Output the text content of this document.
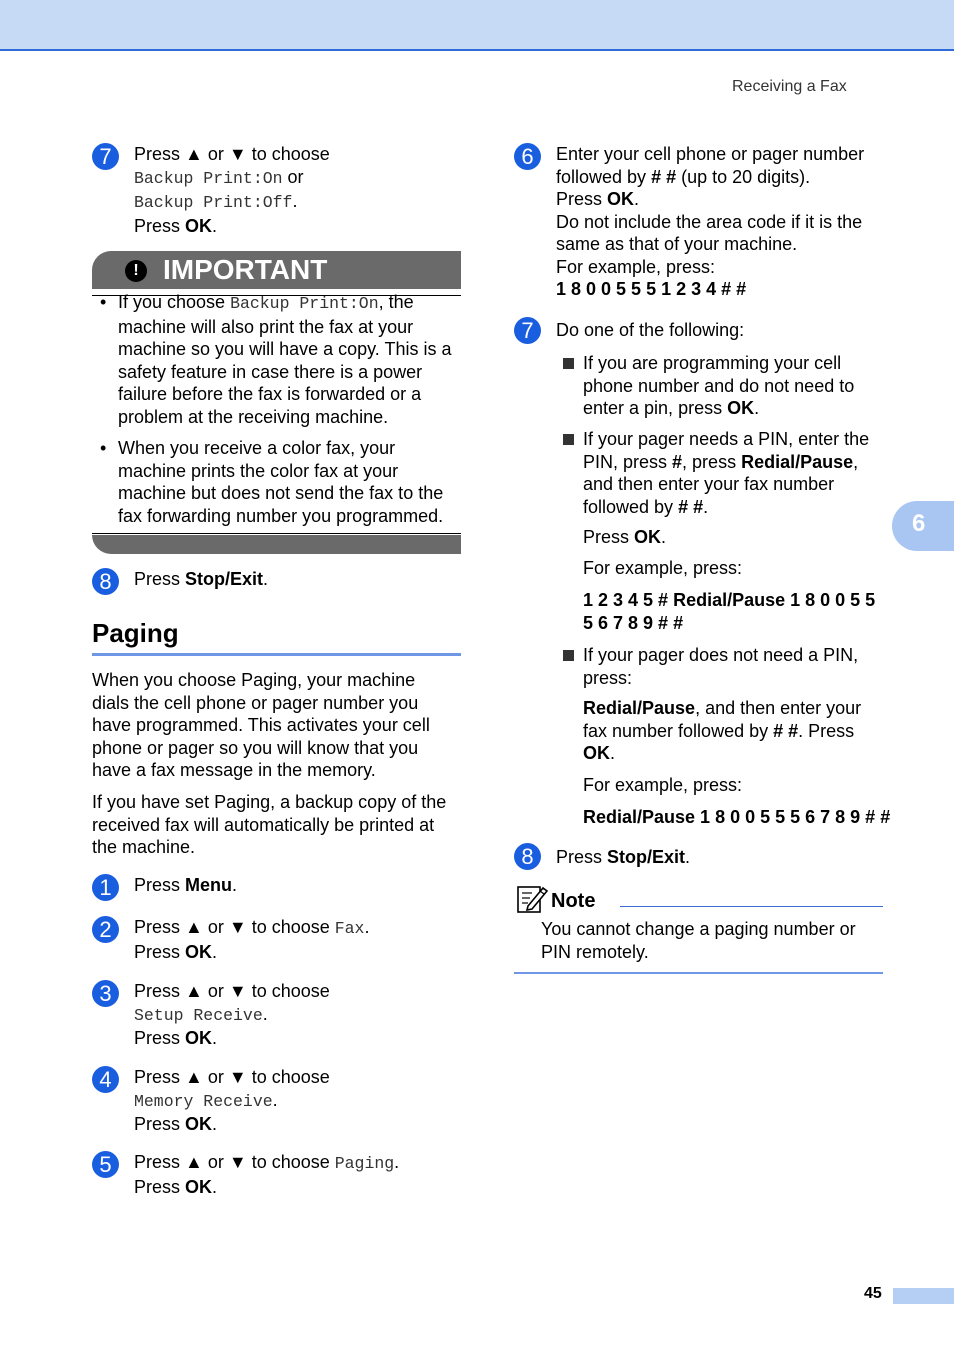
Receiving a Fax
7	Press ▲ or ▼ to choose
Backup Print:On or
Backup Print:Off.
Press OK.
! IMPORTANT
• If you choose Backup Print:On, the
machine will also print the fax at your
machine so you will have a copy. This is a
safety feature in case there is a power
failure before the fax is forwarded or a
problem at the receiving machine.
• When you receive a color fax, your
machine prints the color fax at your
machine but does not send the fax to the
fax forwarding number you programmed.
8	Press Stop/Exit.
Paging
When you choose Paging, your machine
dials the cell phone or pager number you
have programmed. This activates your cell
phone or pager so you will know that you
have a fax message in the memory.
If you have set Paging, a backup copy of the
received fax will automatically be printed at
the machine.
1	Press Menu.
2	Press ▲ or ▼ to choose Fax.
Press OK.
3	Press ▲ or ▼ to choose
Setup Receive.
Press OK.
4	Press ▲ or ▼ to choose
Memory Receive.
Press OK.
5	Press ▲ or ▼ to choose Paging.
Press OK.
6	Enter your cell phone or pager number
followed by # # (up to 20 digits).
Press OK.
Do not include the area code if it is the
same as that of your machine.
For example, press:
1 8 0 0 5 5 5 1 2 3 4 # #
7	Do one of the following:
If you are programming your cell
phone number and do not need to
enter a pin, press OK.
If your pager needs a PIN, enter the
PIN, press #, press Redial/Pause,
and then enter your fax number
followed by # #.
Press OK.
For example, press:
1 2 3 4 5 # Redial/Pause 1 8 0 0 5 5
5 6 7 8 9 # #
If your pager does not need a PIN,
press:
Redial/Pause, and then enter your
fax number followed by # #. Press
OK.
For example, press:
Redial/Pause 1 8 0 0 5 5 5 6 7 8 9 # #
8	Press Stop/Exit.
Note
You cannot change a paging number or
PIN remotely.
6
45
